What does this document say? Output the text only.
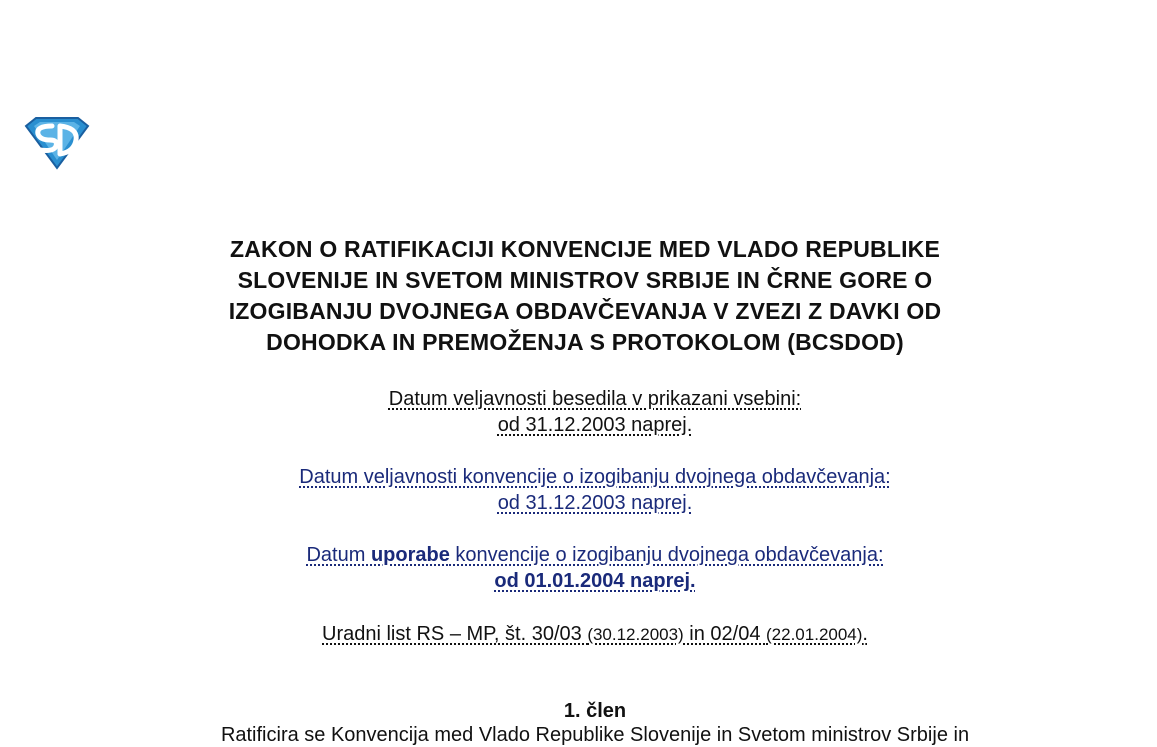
ZAKON O RATIFIKACIJI KONVENCIJE MED VLADO REPUBLIKE
SLOVENIJE IN SVETOM MINISTROV SRBIJE IN ČRNE GORE O
IZOGIBANJU DVOJNEGA OBDAVČEVANJA V ZVEZI Z DAVKI OD
DOHODKA IN PREMOŽENJA S PROTOKOLOM (BCSDOD)
Datum veljavnosti besedila v prikazani vsebini:
od 31.12.2003 naprej.
Datum veljavnosti konvencije o izogibanju dvojnega obdavčevanja:
od 31.12.2003 naprej.
Datum uporabe konvencije o izogibanju dvojnega obdavčevanja:
od 01.01.2004 naprej.
Uradni list RS – MP, št. 30/03 (30.12.2003) in 02/04 (22.01.2004).
1. člen
Ratificira se Konvencija med Vlado Republike Slovenije in Svetom ministrov Srbije in
